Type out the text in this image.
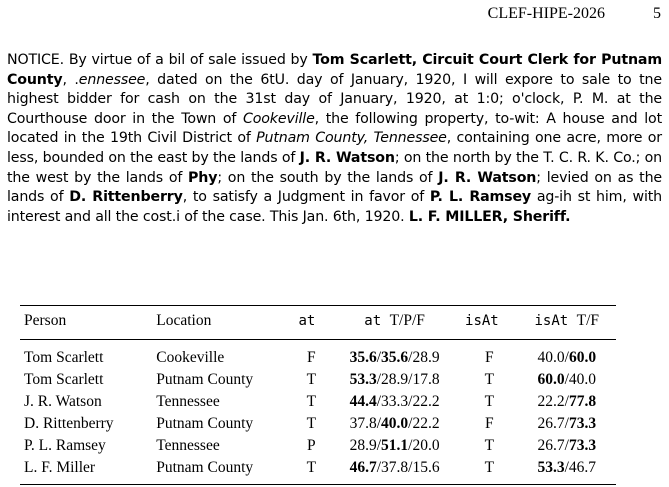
CLEF-HIPE-2026	5

NOTICE. By virtue of a bil of sale issued by Tom Scarlett, Circuit Court Clerk for Putnam County, .ennessee, dated on the 6tU. day of January, 1920, I will expore to sale to tne highest bidder for cash on the 31st day of January, 1920, at 1:0; o'clock, P. M. at the Courthouse door in the Town of Cookeville, the following property, to-wit: A house and lot located in the 19th Civil District of Putnam County, Tennessee, containing one acre, more or less, bounded on the east by the lands of J. R. Watson; on the north by the T. C. R. K. Co.; on the west by the lands of Phy; on the south by the lands of J. R. Watson; levied on as the lands of D. Rittenberry, to satisfy a Judgment in favor of P. L. Ramsey ag-ih st him, with interest and all the cost.i of the case. This Jan. 6th, 1920. L. F. MILLER, Sheriff.

Person	Location	at	at T/P/F	isAt	isAt T/F
Tom Scarlett	Cookeville	F	35.6/35.6/28.9	F	40.0/60.0
Tom Scarlett	Putnam County	T	53.3/28.9/17.8	T	60.0/40.0
J. R. Watson	Tennessee	T	44.4/33.3/22.2	T	22.2/77.8
D. Rittenberry	Putnam County	T	37.8/40.0/22.2	F	26.7/73.3
P. L. Ramsey	Tennessee	P	28.9/51.1/20.0	T	26.7/73.3
L. F. Miller	Putnam County	T	46.7/37.8/15.6	T	53.3/46.7
